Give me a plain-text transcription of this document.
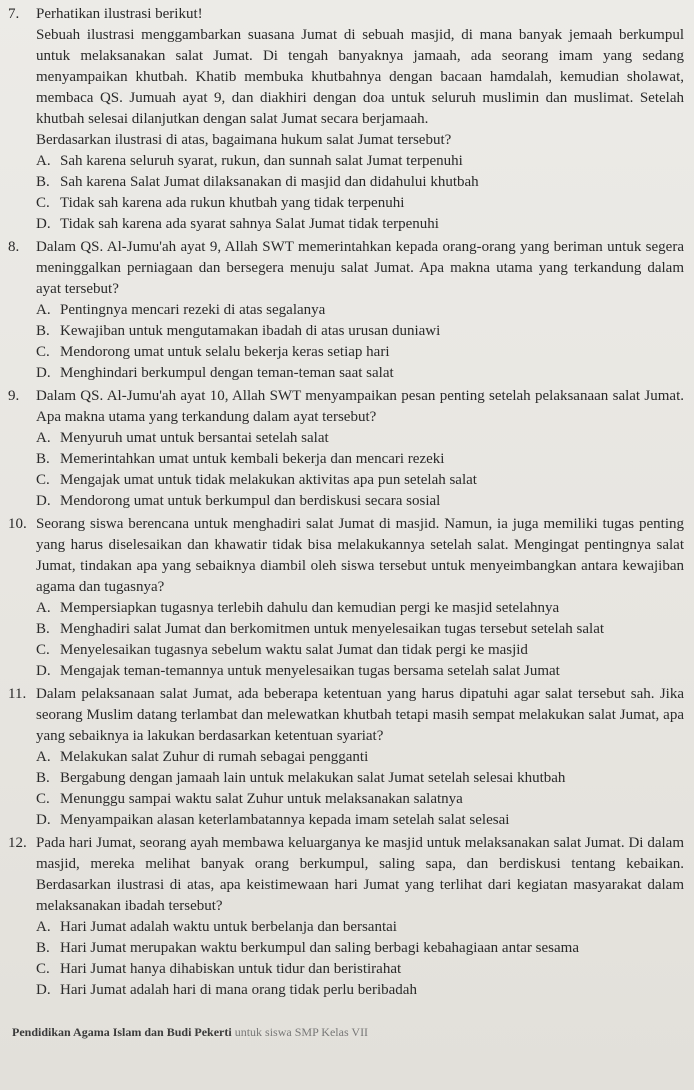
7.	Perhatikan ilustrasi berikut!

Sebuah ilustrasi menggambarkan suasana Jumat di sebuah masjid, di mana banyak jemaah berkumpul untuk melaksanakan salat Jumat. Di tengah banyaknya jamaah, ada seorang imam yang sedang menyampaikan khutbah. Khatib membuka khutbahnya dengan bacaan hamdalah, kemudian sholawat, membaca QS. Jumuah ayat 9, dan diakhiri dengan doa untuk seluruh muslimin dan muslimat. Setelah khutbah selesai dilanjutkan dengan salat Jumat secara berjamaah.

Berdasarkan ilustrasi di atas, bagaimana hukum salat Jumat tersebut?

A. Sah karena seluruh syarat, rukun, dan sunnah salat Jumat terpenuhi
B. Sah karena Salat Jumat dilaksanakan di masjid dan didahului khutbah
C. Tidak sah karena ada rukun khutbah yang tidak terpenuhi
D. Tidak sah karena ada syarat sahnya Salat Jumat tidak terpenuhi
8.	Dalam QS. Al-Jumu'ah ayat 9, Allah SWT memerintahkan kepada orang-orang yang beriman untuk segera meninggalkan perniagaan dan bersegera menuju salat Jumat. Apa makna utama yang terkandung dalam ayat tersebut?

A. Pentingnya mencari rezeki di atas segalanya
B. Kewajiban untuk mengutamakan ibadah di atas urusan duniawi
C. Mendorong umat untuk selalu bekerja keras setiap hari
D. Menghindari berkumpul dengan teman-teman saat salat
9.	Dalam QS. Al-Jumu'ah ayat 10, Allah SWT menyampaikan pesan penting setelah pelaksanaan salat Jumat. Apa makna utama yang terkandung dalam ayat tersebut?

A. Menyuruh umat untuk bersantai setelah salat
B. Memerintahkan umat untuk kembali bekerja dan mencari rezeki
C. Mengajak umat untuk tidak melakukan aktivitas apa pun setelah salat
D. Mendorong umat untuk berkumpul dan berdiskusi secara sosial
10. Seorang siswa berencana untuk menghadiri salat Jumat di masjid. Namun, ia juga memiliki tugas penting yang harus diselesaikan dan khawatir tidak bisa melakukannya setelah salat. Mengingat pentingnya salat Jumat, tindakan apa yang sebaiknya diambil oleh siswa tersebut untuk menyeimbangkan antara kewajiban agama dan tugasnya?

A. Mempersiapkan tugasnya terlebih dahulu dan kemudian pergi ke masjid setelahnya
B. Menghadiri salat Jumat dan berkomitmen untuk menyelesaikan tugas tersebut setelah salat
C. Menyelesaikan tugasnya sebelum waktu salat Jumat dan tidak pergi ke masjid
D. Mengajak teman-temannya untuk menyelesaikan tugas bersama setelah salat Jumat
11. Dalam pelaksanaan salat Jumat, ada beberapa ketentuan yang harus dipatuhi agar salat tersebut sah. Jika seorang Muslim datang terlambat dan melewatkan khutbah tetapi masih sempat melakukan salat Jumat, apa yang sebaiknya ia lakukan berdasarkan ketentuan syariat?

A. Melakukan salat Zuhur di rumah sebagai pengganti
B. Bergabung dengan jamaah lain untuk melakukan salat Jumat setelah selesai khutbah
C. Menunggu sampai waktu salat Zuhur untuk melaksanakan salatnya
D. Menyampaikan alasan keterlambatannya kepada imam setelah salat selesai
12. Pada hari Jumat, seorang ayah membawa keluarganya ke masjid untuk melaksanakan salat Jumat. Di dalam masjid, mereka melihat banyak orang berkumpul, saling sapa, dan berdiskusi tentang kebaikan. Berdasarkan ilustrasi di atas, apa keistimewaan hari Jumat yang terlihat dari kegiatan masyarakat dalam melaksanakan ibadah tersebut?

A. Hari Jumat adalah waktu untuk berbelanja dan bersantai
B. Hari Jumat merupakan waktu berkumpul dan saling berbagi kebahagiaan antar sesama
C. Hari Jumat hanya dihabiskan untuk tidur dan beristirahat
D. Hari Jumat adalah hari di mana orang tidak perlu beribadah
Pendidikan Agama Islam dan Budi Pekerti untuk siswa SMP Kelas VII
